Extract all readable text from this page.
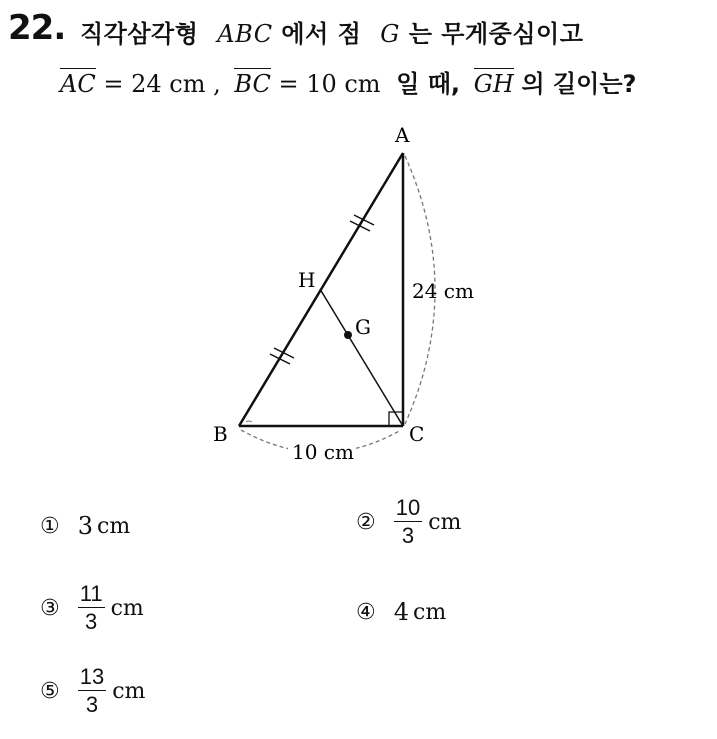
22. 직각삼각형 ABC 에서 점 G 는 무게중심이고
AC = 24 cm , BC = 10 cm 일 때, GH 의 길이는?
A
B	C
H
G
24 cm
10 cm
① 3 cm	② $\frac{10}{3}$ cm
③ $\frac{11}{3}$ cm	④ 4 cm
⑤ $\frac{13}{3}$ cm
